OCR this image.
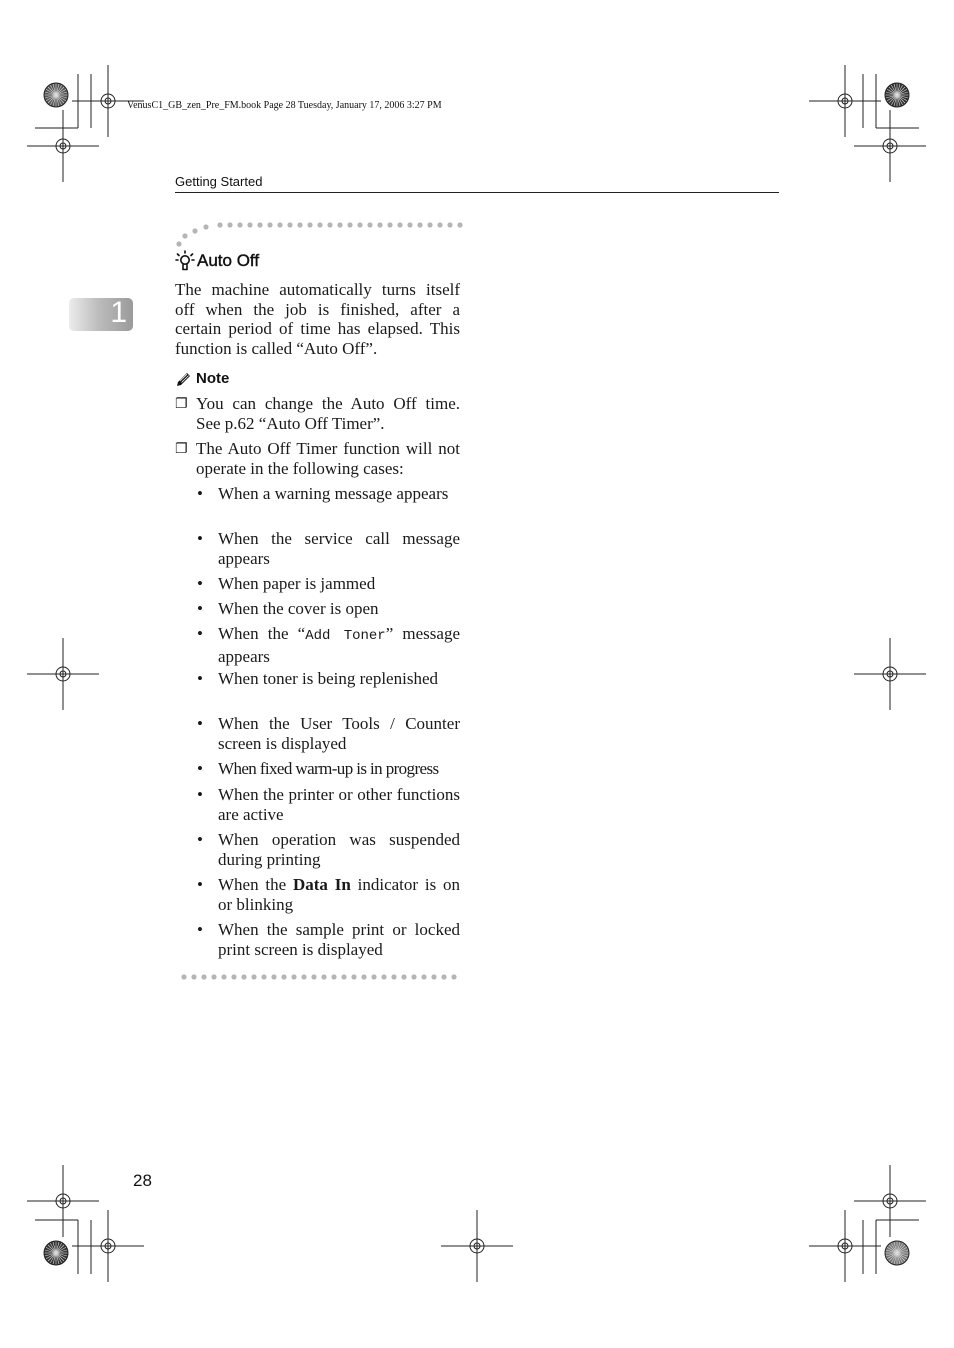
VenusC1_GB_zen_Pre_FM.book Page 28 Tuesday, January 17, 2006 3:27 PM
Getting Started
1
Auto Off
The machine automatically turns itself off when the job is finished, after a certain period of time has elapsed. This function is called “Auto Off”.
Note
❐ You can change the Auto Off time. See p.62 “Auto Off Timer”.
❐ The Auto Off Timer function will not operate in the following cases:
• When a warning message appears
• When the service call message appears
• When paper is jammed
• When the cover is open
• When the “Add Toner” message appears
• When toner is being replenished
• When the User Tools / Counter screen is displayed
• When fixed warm-up is in progress
• When the printer or other functions are active
• When operation was suspended during printing
• When the Data In indicator is on or blinking
• When the sample print or locked print screen is displayed
28
